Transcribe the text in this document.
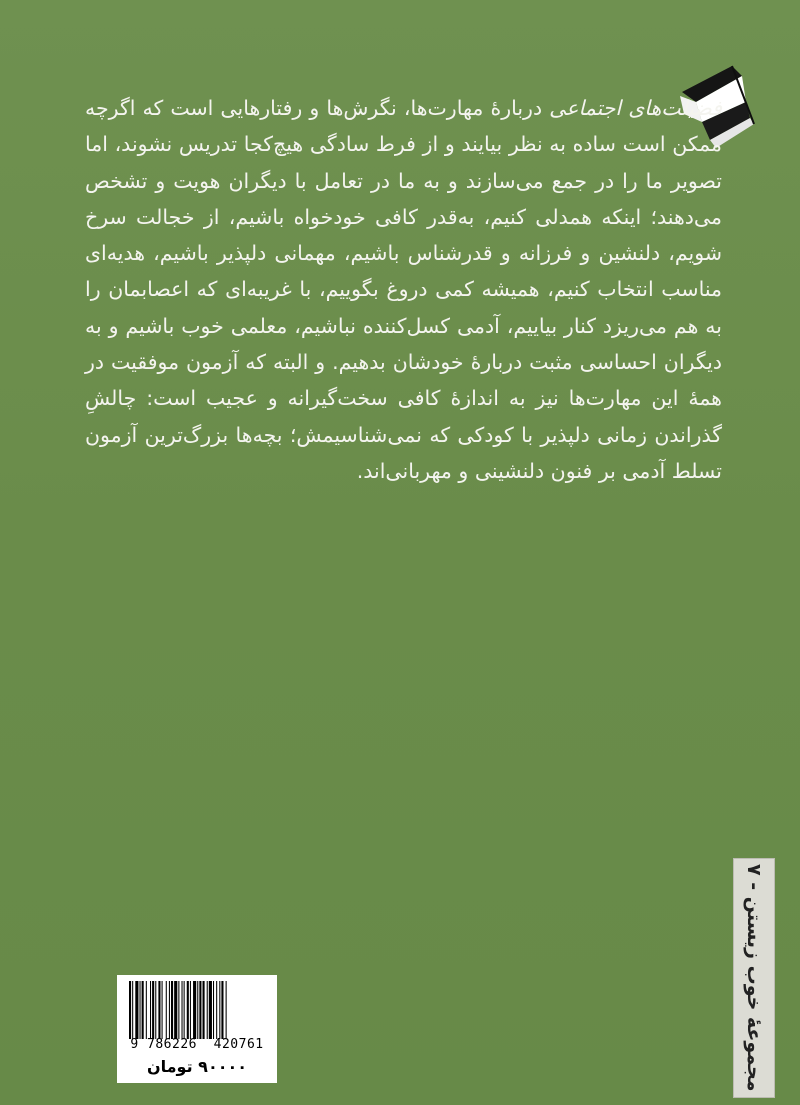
فضیلت‌های اجتماعی دربارهٔ مهارت‌ها، نگرش‌ها و رفتارهایی است که اگرچه ممکن است ساده به نظر بیایند و از فرط سادگی هیچ‌کجا تدریس نشوند، اما تصویر ما را در جمع می‌سازند و به ما در تعامل با دیگران هویت و تشخص می‌دهند؛ اینکه همدلی کنیم، به‌قدر کافی خودخواه باشیم، از خجالت سرخ شویم، دلنشین و فرزانه و قدرشناس باشیم، مهمانی دلپذیر باشیم، هدیه‌ای مناسب انتخاب کنیم، همیشه کمی دروغ بگوییم، با غریبه‌ای که اعصابمان را به هم می‌ریزد کنار بیاییم، آدمی کسل‌کننده نباشیم، معلمی خوب باشیم و به دیگران احساسی مثبت دربارهٔ خودشان بدهیم. و البته که آزمون موفقیت در همهٔ این مهارت‌ها نیز به اندازهٔ کافی سخت‌گیرانه و عجیب است: چالشِ گذراندن زمانی دلپذیر با کودکی که نمی‌شناسیمش؛ بچه‌ها بزرگ‌ترین آزمون تسلط آدمی بر فنون دلنشینی و مهربانی‌اند.

مجموعهٔ خوب زیستن - ۷
9 786226  420761
۹۰۰۰۰ تومان
